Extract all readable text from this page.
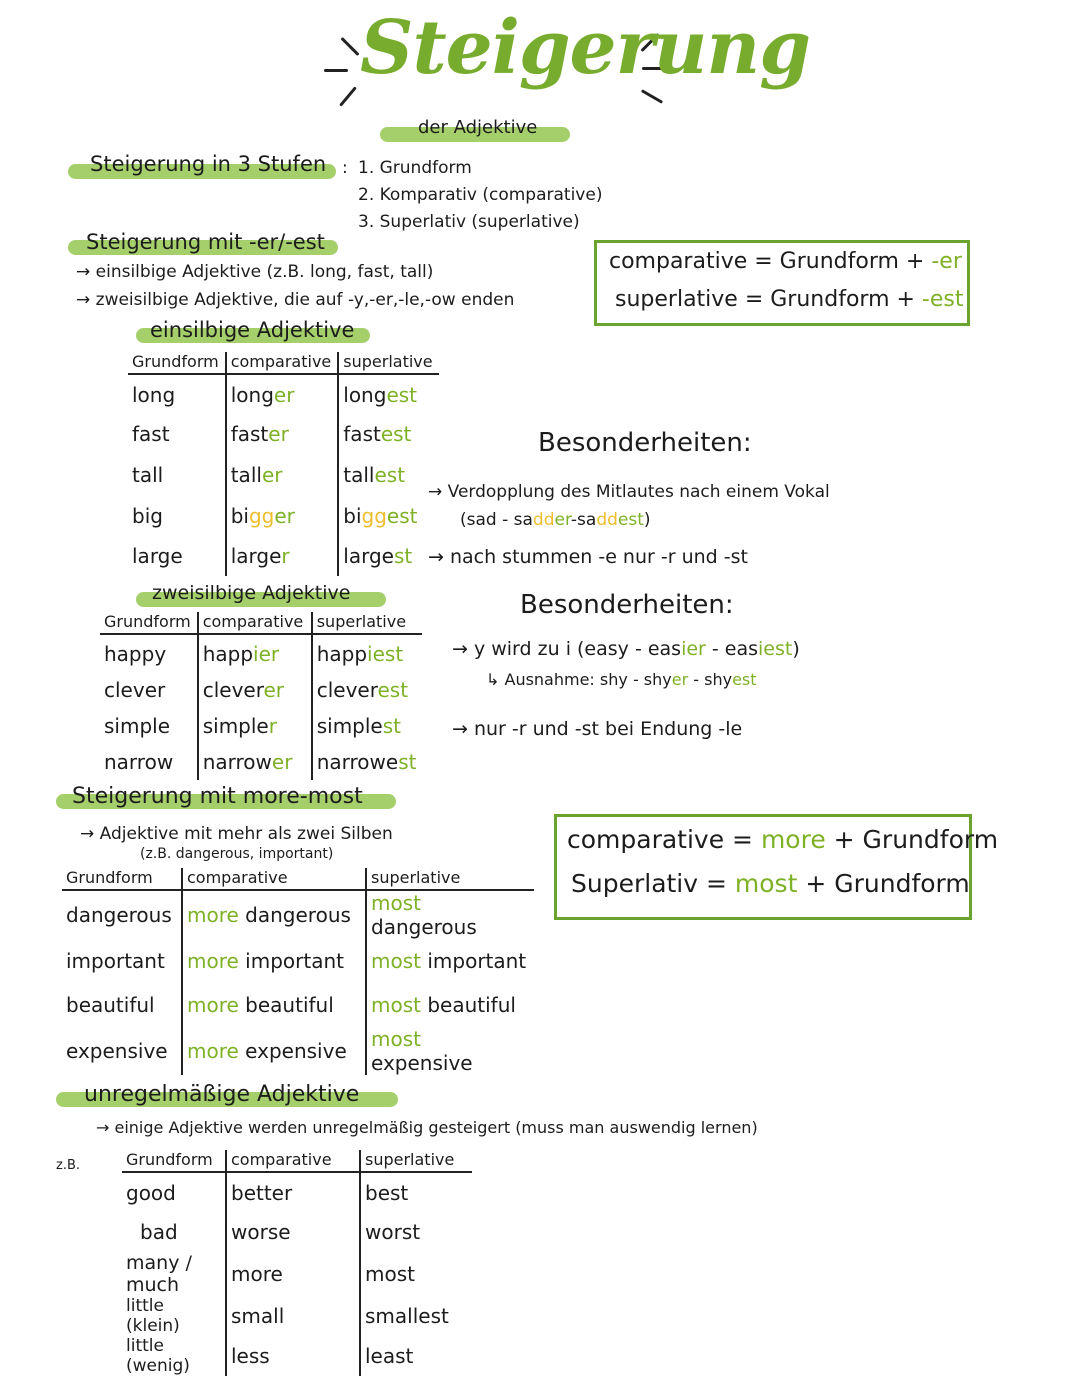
Steigerung
der Adjektive
Steigerung in 3 Stufen : 1. Grundform
2. Komparativ (comparative)
3. Superlativ (superlative)
Steigerung mit -er/-est
→ einsilbige Adjektive (z.B. long, fast, tall)
→ zweisilbige Adjektive, die auf -y,-er,-le,-ow enden
comparative = Grundform + -er
superlative = Grundform + -est
einsilbige Adjektive
Grundform	comparative	superlative
long	longer	longest
fast	faster	fastest
tall	taller	tallest
big	bigger	biggest
large	larger	largest
Besonderheiten:
→ Verdopplung des Mitlautes nach einem Vokal
(sad - sadder-saddest)
→ nach stummen -e nur -r und -st
zweisilbige Adjektive
Grundform	comparative	superlative
happy	happier	happiest
clever	cleverer	cleverest
simple	simpler	simplest
narrow	narrower	narrowest
Besonderheiten:
→ y wird zu i (easy - easier - easiest)
↳ Ausnahme: shy - shyer - shyest
→ nur -r und -st bei Endung -le
Steigerung mit more-most
→ Adjektive mit mehr als zwei Silben
(z.B. dangerous, important)
Grundform	comparative	superlative
dangerous	more dangerous	most dangerous
important	more important	most important
beautiful	more beautiful	most beautiful
expensive	more expensive	most expensive
comparative = more + Grundform
Superlativ = most + Grundform
unregelmäßige Adjektive
→ einige Adjektive werden unregelmäßig gesteigert (muss man auswendig lernen)
z.B.	Grundform	comparative	superlative
good	better	best
bad	worse	worst
many / much	more	most
little (klein)	small	smallest
little (wenig)	less	least
